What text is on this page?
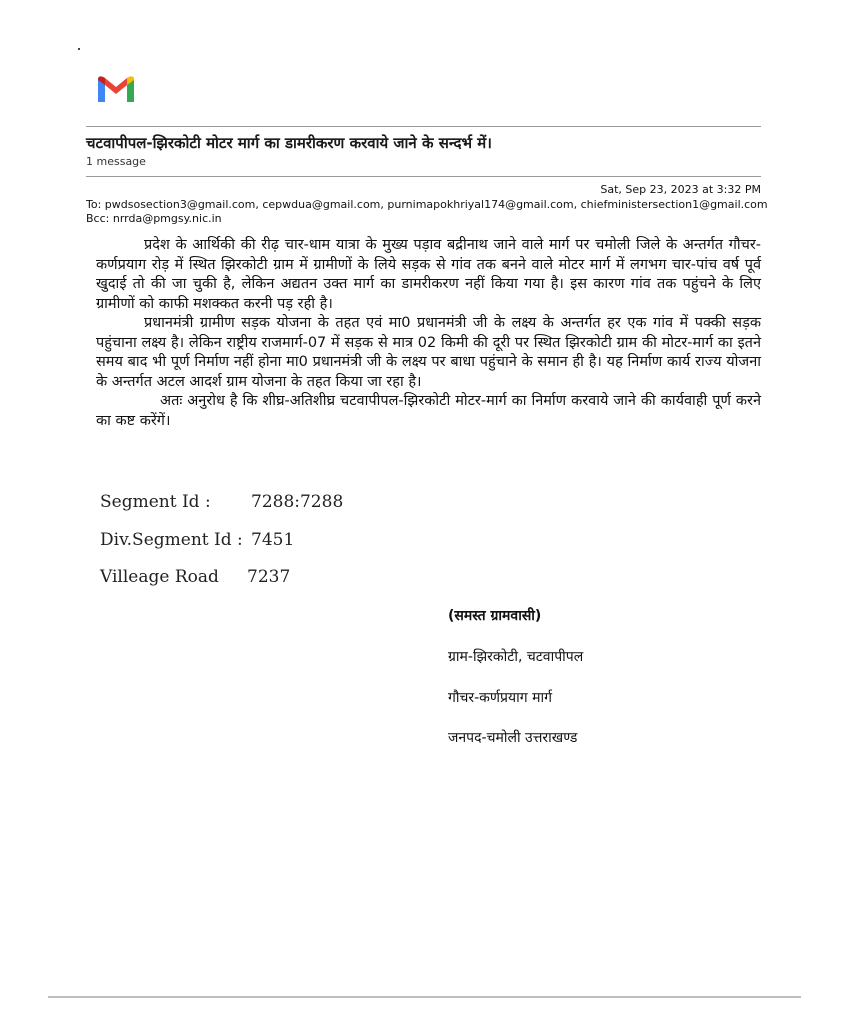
चटवापीपल-झिरकोटी मोटर मार्ग का डामरीकरण करवाये जाने के सन्दर्भ में।
1 message
Sat, Sep 23, 2023 at 3:32 PM
To: pwdsosection3@gmail.com, cepwdua@gmail.com, purnimapokhriyal174@gmail.com, chiefministersection1@gmail.com
Bcc: nrrda@pmgsy.nic.in

प्रदेश के आर्थिकी की रीढ़ चार-धाम यात्रा के मुख्य पड़ाव बद्रीनाथ जाने वाले मार्ग पर चमोली जिले के अन्तर्गत गौचर-कर्णप्रयाग रोड़ में स्थित झिरकोटी ग्राम में ग्रामीणों के लिये सड़क से गांव तक बनने वाले मोटर मार्ग में लगभग चार-पांच वर्ष पूर्व खुदाई तो की जा चुकी है, लेकिन अद्यतन उक्त मार्ग का डामरीकरण नहीं किया गया है। इस कारण गांव तक पहुंचने के लिए ग्रामीणों को काफी मशक्कत करनी पड़ रही है।

प्रधानमंत्री ग्रामीण सड़क योजना के तहत एवं मा0 प्रधानमंत्री जी के लक्ष्य के अन्तर्गत हर एक गांव में पक्की सड़क पहुंचाना लक्ष्य है। लेकिन राष्ट्रीय राजमार्ग-07 में सड़क से मात्र 02 किमी की दूरी पर स्थित झिरकोटी ग्राम की मोटर-मार्ग का इतने समय बाद भी पूर्ण निर्माण नहीं होना मा0 प्रधानमंत्री जी के लक्ष्य पर बाधा पहुंचाने के समान ही है। यह निर्माण कार्य राज्य योजना के अन्तर्गत अटल आदर्श ग्राम योजना के तहत किया जा रहा है।

अतः अनुरोध है कि शीघ्र-अतिशीघ्र चटवापीपल-झिरकोटी मोटर-मार्ग का निर्माण करवाये जाने की कार्यवाही पूर्ण करने का कष्ट करेंगें।

Segment Id : 7288:7288
Div.Segment Id : 7451
Villeage Road 7237
(समस्त ग्रामवासी)
ग्राम-झिरकोटी, चटवापीपल
गौचर-कर्णप्रयाग मार्ग
जनपद-चमोली उत्तराखण्ड
